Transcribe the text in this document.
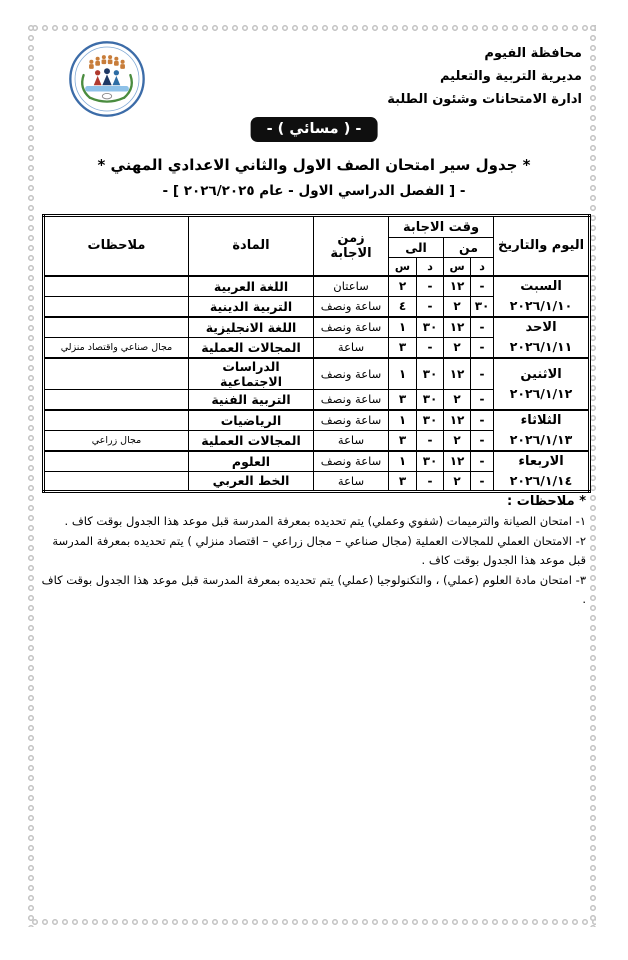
محافظة الفيوم
مديرية التربية والتعليم
ادارة الامتحانات وشئون الطلبة
- ( مسائي ) -
* جدول سير امتحان الصف الاول والثاني الاعدادي المهني *
- [ الفصل الدراسي الاول - عام ٢٠٢٦/٢٠٢٥ ] -
اليوم والتاريخ	وقت الاجابة				زمن الاجابة	المادة	ملاحظات
	من		الى				
	د	س	د	س			

السبت
٢٠٢٦/١/١٠	-	١٢	-	٢	ساعتان	اللغة العربية	
	٣٠	٢	-	٤	ساعة ونصف	التربية الدينية	

الاحد
٢٠٢٦/١/١١	-	١٢	٣٠	١	ساعة ونصف	اللغة الانجليزية	
	-	٢	-	٣	ساعة	المجالات العملية	مجال صناعي واقتصاد منزلي

الاثنين
٢٠٢٦/١/١٢	-	١٢	٣٠	١	ساعة ونصف	الدراسات الاجتماعية	
	-	٢	٣٠	٣	ساعة ونصف	التربية الفنية	

الثلاثاء
٢٠٢٦/١/١٣	-	١٢	٣٠	١	ساعة ونصف	الرياضيات	
	-	٢	-	٣	ساعة	المجالات العملية	مجال زراعي

الاربعاء
٢٠٢٦/١/١٤	-	١٢	٣٠	١	ساعة ونصف	العلوم	
	-	٢	-	٣	ساعة	الخط العربي	
* ملاحظات :
١- امتحان الصيانة والترميمات (شفوي وعملي) يتم تحديده بمعرفة المدرسة قبل موعد هذا الجدول بوقت كاف .
٢- الامتحان العملي للمجالات العملية (مجال صناعي – مجال زراعي – اقتصاد منزلي ) يتم تحديده بمعرفة المدرسة قبل موعد هذا الجدول بوقت كاف .
٣- امتحان مادة العلوم (عملي) ، والتكنولوجيا (عملي) يتم تحديده بمعرفة المدرسة قبل موعد هذا الجدول بوقت كاف .
